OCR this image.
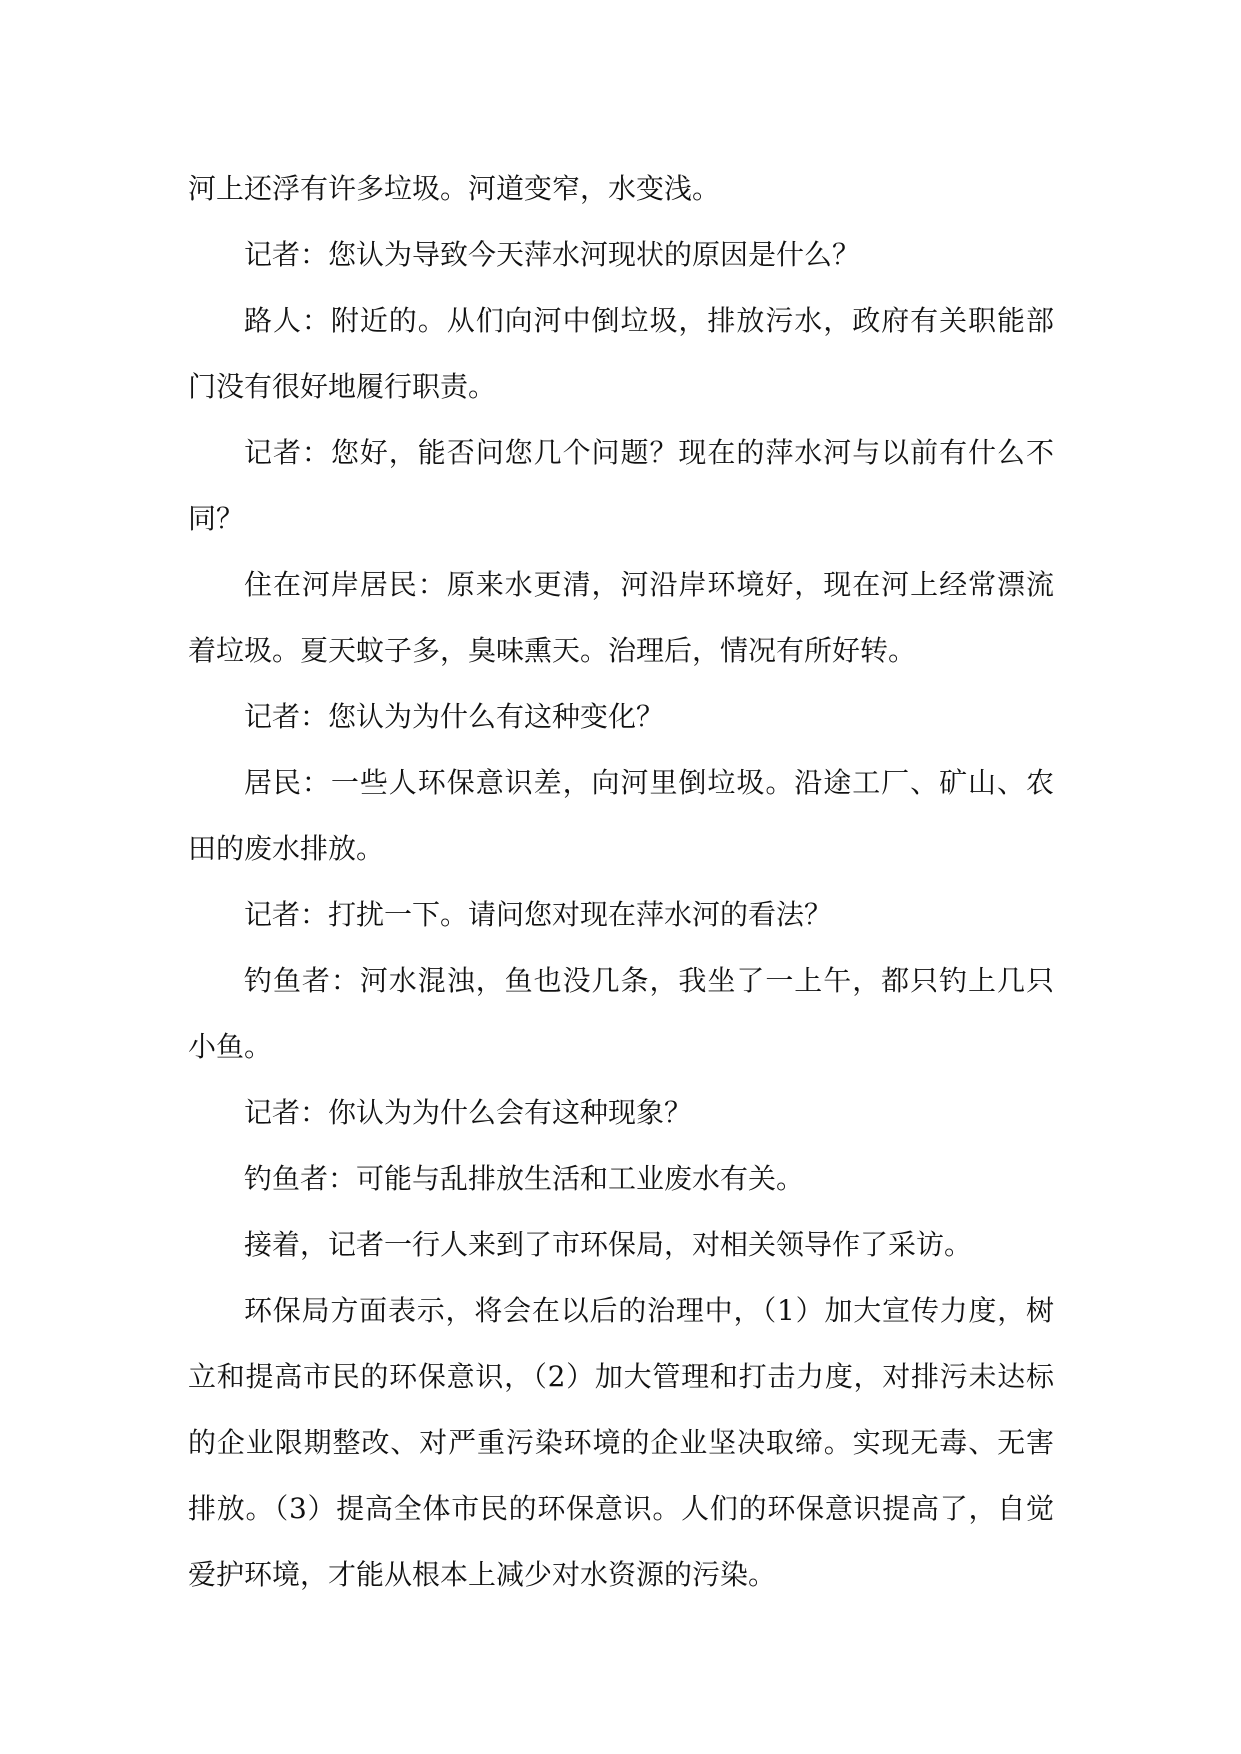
河上还浮有许多垃圾。河道变窄，水变浅。

记者：您认为导致今天萍水河现状的原因是什么？

路人：附近的。从们向河中倒垃圾，排放污水，政府有关职能部门没有很好地履行职责。

记者：您好，能否问您几个问题？现在的萍水河与以前有什么不同？

住在河岸居民：原来水更清，河沿岸环境好，现在河上经常漂流着垃圾。夏天蚊子多，臭味熏天。治理后，情况有所好转。

记者：您认为为什么有这种变化？

居民：一些人环保意识差，向河里倒垃圾。沿途工厂、矿山、农田的废水排放。

记者：打扰一下。请问您对现在萍水河的看法？

钓鱼者：河水混浊，鱼也没几条，我坐了一上午，都只钓上几只小鱼。

记者：你认为为什么会有这种现象？

钓鱼者：可能与乱排放生活和工业废水有关。

接着，记者一行人来到了市环保局，对相关领导作了采访。

环保局方面表示，将会在以后的治理中，（1）加大宣传力度，树立和提高市民的环保意识，（2）加大管理和打击力度，对排污未达标的企业限期整改、对严重污染环境的企业坚决取缔。实现无毒、无害排放。（3）提高全体市民的环保意识。人们的环保意识提高了，自觉爱护环境，才能从根本上减少对水资源的污染。
